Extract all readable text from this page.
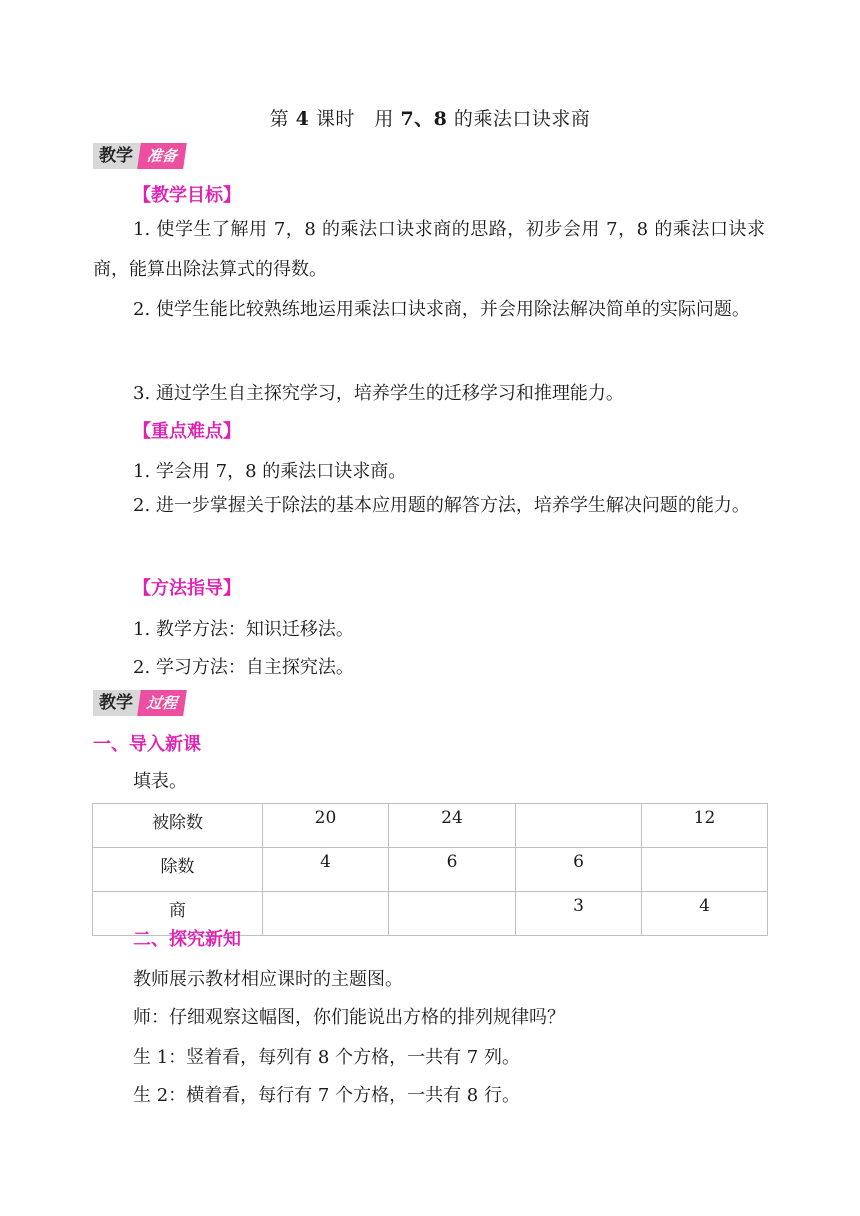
第 4 课时　用 7、8 的乘法口诀求商
教学 准备
【教学目标】
1. 使学生了解用 7，8 的乘法口诀求商的思路，初步会用 7，8 的乘法口诀求商，能算出除法算式的得数。
2. 使学生能比较熟练地运用乘法口诀求商，并会用除法解决简单的实际问题。
3. 通过学生自主探究学习，培养学生的迁移学习和推理能力。
【重点难点】
1. 学会用 7，8 的乘法口诀求商。
2. 进一步掌握关于除法的基本应用题的解答方法，培养学生解决问题的能力。
【方法指导】
1. 教学方法：知识迁移法。
2. 学习方法：自主探究法。
教学 过程
一、导入新课
填表。
被除数	20	24		12
除数	4	6	6	
商			3	4
二、探究新知
教师展示教材相应课时的主题图。
师：仔细观察这幅图，你们能说出方格的排列规律吗？
生 1：竖着看，每列有 8 个方格，一共有 7 列。
生 2：横着看，每行有 7 个方格，一共有 8 行。
